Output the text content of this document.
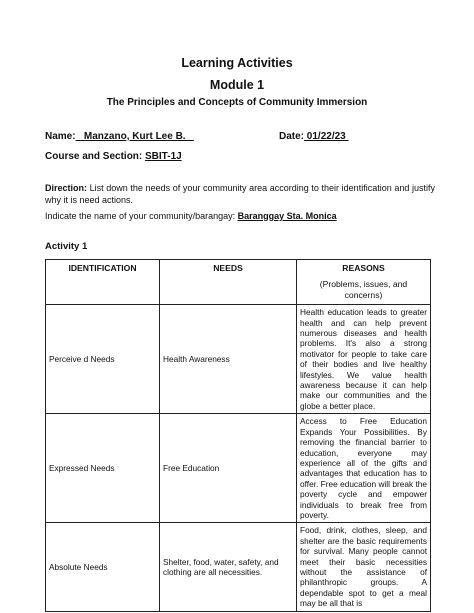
Learning Activities
Module 1
The Principles and Concepts of Community Immersion
Name:   Manzano, Kurt Lee B.	Date: 01/22/23
Course and Section: SBIT-1J
Direction: List down the needs of your community area according to their identification and justify why it is need actions.
Indicate the name of your community/barangay: Baranggay Sta. Monica
Activity 1
IDENTIFICATION	NEEDS	REASONS
(Problems, issues, and concerns)

Perceive d Needs	Health Awareness	Health education leads to greater health and can help prevent numerous diseases and health problems. It's also a strong motivator for people to take care of their bodies and live healthy lifestyles. We value health awareness because it can help make our communities and the globe a better place.
Expressed Needs	Free Education	Access to Free Education Expands Your Possibilities. By removing the financial barrier to education, everyone may experience all of the gifts and advantages that education has to offer. Free education will break the poverty cycle and empower individuals to break free from poverty.
Absolute Needs	Shelter, food, water, safety, and clothing are all necessities.	Food, drink, clothes, sleep, and shelter are the basic requirements for survival. Many people cannot meet their basic necessities without the assistance of philanthropic groups. A dependable spot to get a meal may be all that is
